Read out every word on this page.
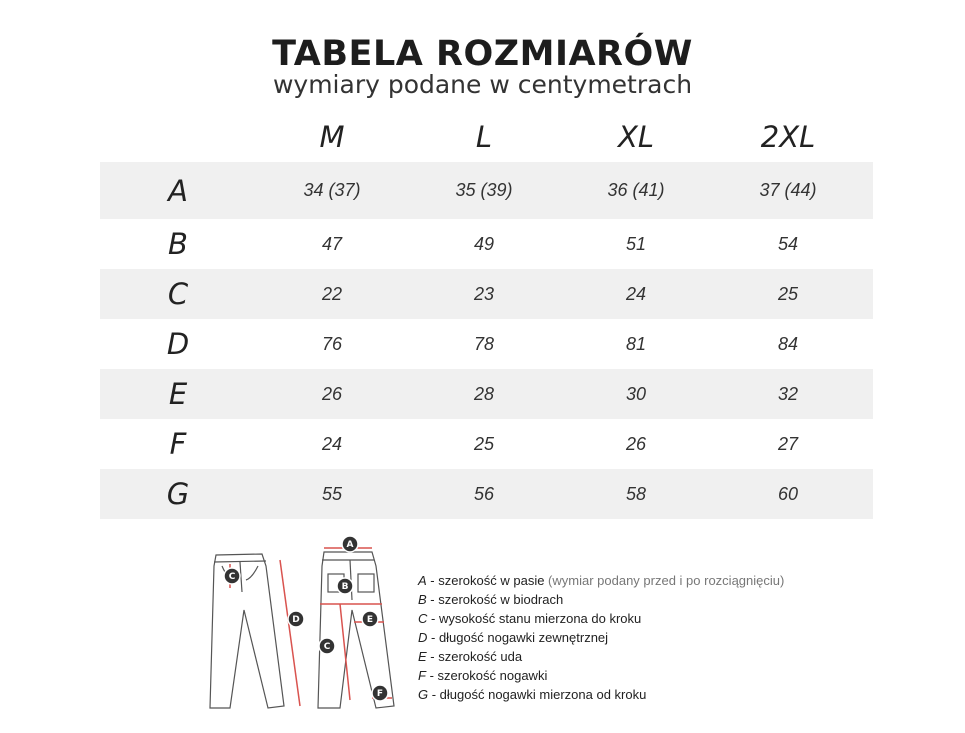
TABELA ROZMIARÓW
wymiary podane w centymetrach
M	L	XL	2XL
A	34 (37)	35 (39)	36 (41)	37 (44)
B	47	49	51	54
C	22	23	24	25
D	76	78	81	84
E	26	28	30	32
F	24	25	26	27
G	55	56	58	60
A
B
C
D	E
C
F
A - szerokość w pasie (wymiar podany przed i po rozciągnięciu)
B - szerokość w biodrach
C - wysokość stanu mierzona do kroku
D - długość nogawki zewnętrznej
E - szerokość uda
F - szerokość nogawki
G - długość nogawki mierzona od kroku
